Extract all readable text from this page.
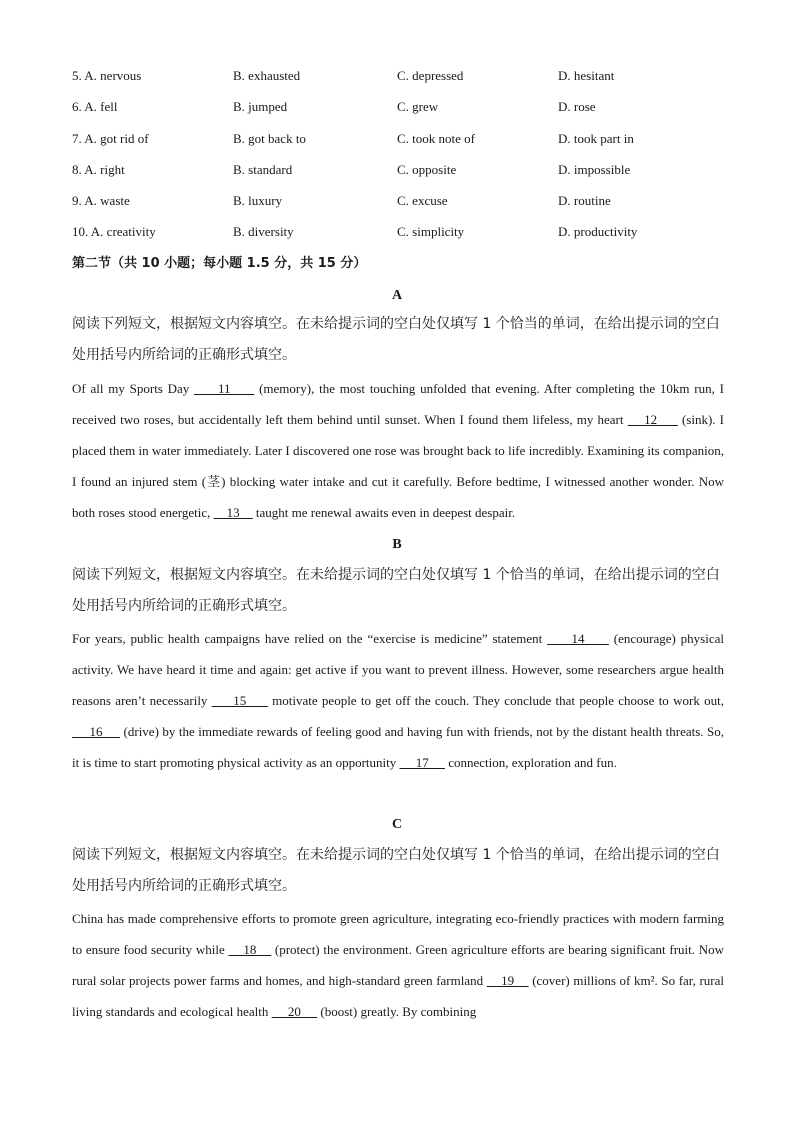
5. A. nervous	B. exhausted	C. depressed	D. hesitant
6. A. fell	B. jumped	C. grew	D. rose
7. A. got rid of	B. got back to	C. took note of	D. took part in
8. A. right	B. standard	C. opposite	D. impossible
9. A. waste	B. luxury	C. excuse	D. routine
10. A. creativity	B. diversity	C. simplicity	D. productivity
第二节（共 10 小题；每小题 1.5 分，共 15 分）
A
阅读下列短文，根据短文内容填空。在未给提示词的空白处仅填写 1 个恰当的单词，在给出提示词的空白处用括号内所给词的正确形式填空。
Of all my Sports Day      11      (memory), the most touching unfolded that evening. After completing the 10km run, I received two roses, but accidentally left them behind until sunset. When I found them lifeless, my heart     12      (sink). I placed them in water immediately. Later I discovered one rose was brought back to life incredibly. Examining its companion, I found an injured stem (茎) blocking water intake and cut it carefully. Before bedtime, I witnessed another wonder. Now both roses stood energetic,     13     taught me renewal awaits even in deepest despair.
B
阅读下列短文，根据短文内容填空。在未给提示词的空白处仅填写 1 个恰当的单词，在给出提示词的空白处用括号内所给词的正确形式填空。
For years, public health campaigns have relied on the “exercise is medicine” statement      14      (encourage) physical activity. We have heard it time and again: get active if you want to prevent illness. However, some researchers argue health reasons aren’t necessarily      15      motivate people to get off the couch. They conclude that people choose to work out,      16      (drive) by the immediate rewards of feeling good and having fun with friends, not by the distant health threats. So, it is time to start promoting physical activity as an opportunity      17      connection, exploration and fun.
C
阅读下列短文，根据短文内容填空。在未给提示词的空白处仅填写 1 个恰当的单词，在给出提示词的空白处用括号内所给词的正确形式填空。
China has made comprehensive efforts to promote green agriculture, integrating eco-friendly practices with modern farming to ensure food security while     18     (protect) the environment. Green agriculture efforts are bearing significant fruit. Now rural solar projects power farms and homes, and high-standard green farmland     19     (cover) millions of km². So far, rural living standards and ecological health      20      (boost) greatly. By combining
